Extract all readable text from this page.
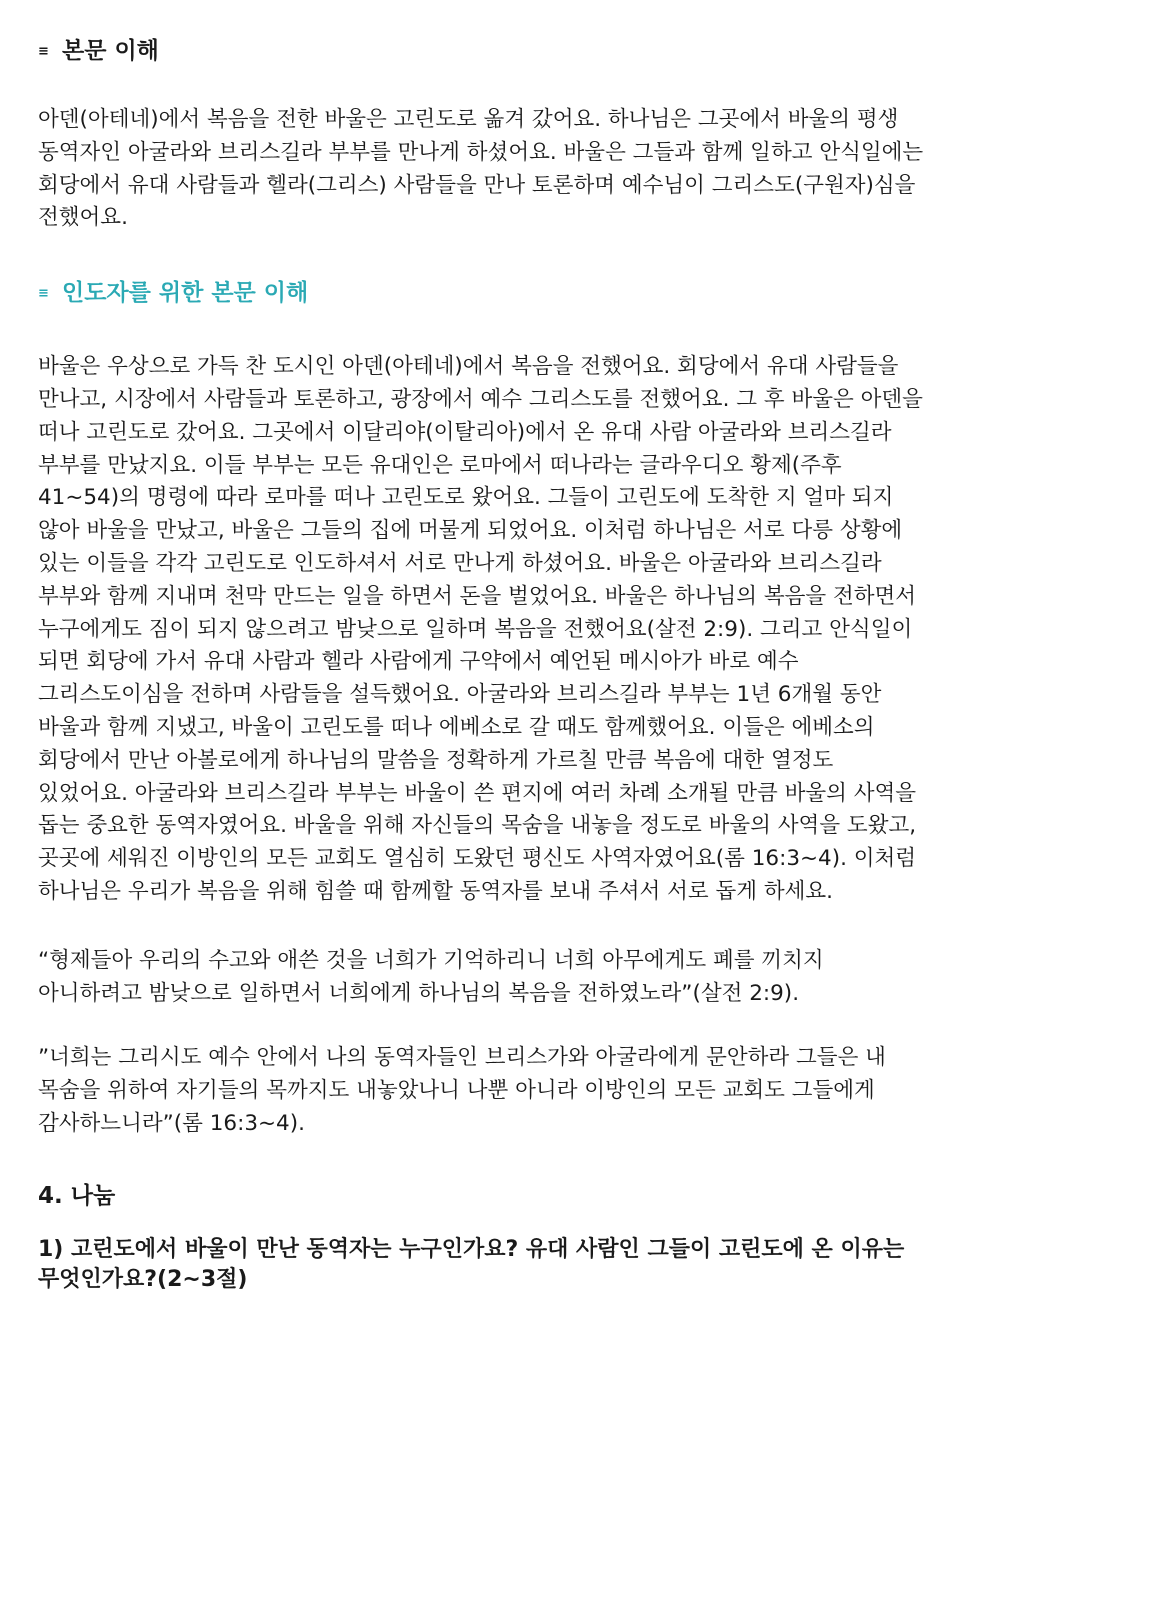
≡ 본문 이해

아덴(아테네)에서 복음을 전한 바울은 고린도로 옮겨 갔어요. 하나님은 그곳에서 바울의 평생
동역자인 아굴라와 브리스길라 부부를 만나게 하셨어요. 바울은 그들과 함께 일하고 안식일에는
회당에서 유대 사람들과 헬라(그리스) 사람들을 만나 토론하며 예수님이 그리스도(구원자)심을
전했어요.

≡ 인도자를 위한 본문 이해

바울은 우상으로 가득 찬 도시인 아덴(아테네)에서 복음을 전했어요. 회당에서 유대 사람들을
만나고, 시장에서 사람들과 토론하고, 광장에서 예수 그리스도를 전했어요. 그 후 바울은 아덴을
떠나 고린도로 갔어요. 그곳에서 이달리야(이탈리아)에서 온 유대 사람 아굴라와 브리스길라
부부를 만났지요. 이들 부부는 모든 유대인은 로마에서 떠나라는 글라우디오 황제(주후
41~54)의 명령에 따라 로마를 떠나 고린도로 왔어요. 그들이 고린도에 도착한 지 얼마 되지
않아 바울을 만났고, 바울은 그들의 집에 머물게 되었어요. 이처럼 하나님은 서로 다릉 상황에
있는 이들을 각각 고린도로 인도하셔서 서로 만나게 하셨어요. 바울은 아굴라와 브리스길라
부부와 함께 지내며 천막 만드는 일을 하면서 돈을 벌었어요. 바울은 하나님의 복음을 전하면서
누구에게도 짐이 되지 않으려고 밤낮으로 일하며 복음을 전했어요(살전 2:9). 그리고 안식일이
되면 회당에 가서 유대 사람과 헬라 사람에게 구약에서 예언된 메시아가 바로 예수
그리스도이심을 전하며 사람들을 설득했어요. 아굴라와 브리스길라 부부는 1년 6개월 동안
바울과 함께 지냈고, 바울이 고린도를 떠나 에베소로 갈 때도 함께했어요. 이들은 에베소의
회당에서 만난 아볼로에게 하나님의 말씀을 정확하게 가르칠 만큼 복음에 대한 열정도
있었어요. 아굴라와 브리스길라 부부는 바울이 쓴 편지에 여러 차례 소개될 만큼 바울의 사역을
돕는 중요한 동역자였어요. 바울을 위해 자신들의 목숨을 내놓을 정도로 바울의 사역을 도왔고,
곳곳에 세워진 이방인의 모든 교회도 열심히 도왔던 평신도 사역자였어요(롬 16:3~4). 이처럼
하나님은 우리가 복음을 위해 힘쓸 때 함께할 동역자를 보내 주셔서 서로 돕게 하세요.

“형제들아 우리의 수고와 애쓴 것을 너희가 기억하리니 너희 아무에게도 폐를 끼치지
아니하려고 밤낮으로 일하면서 너희에게 하나님의 복음을 전하였노라”(살전 2:9).

”너희는 그리시도 예수 안에서 나의 동역자들인 브리스가와 아굴라에게 문안하라 그들은 내
목숨을 위하여 자기들의 목까지도 내놓았나니 나뿐 아니라 이방인의 모든 교회도 그들에게
감사하느니라”(롬 16:3~4).

4. 나눔

1) 고린도에서 바울이 만난 동역자는 누구인가요? 유대 사람인 그들이 고린도에 온 이유는
무엇인가요?(2~3절)
